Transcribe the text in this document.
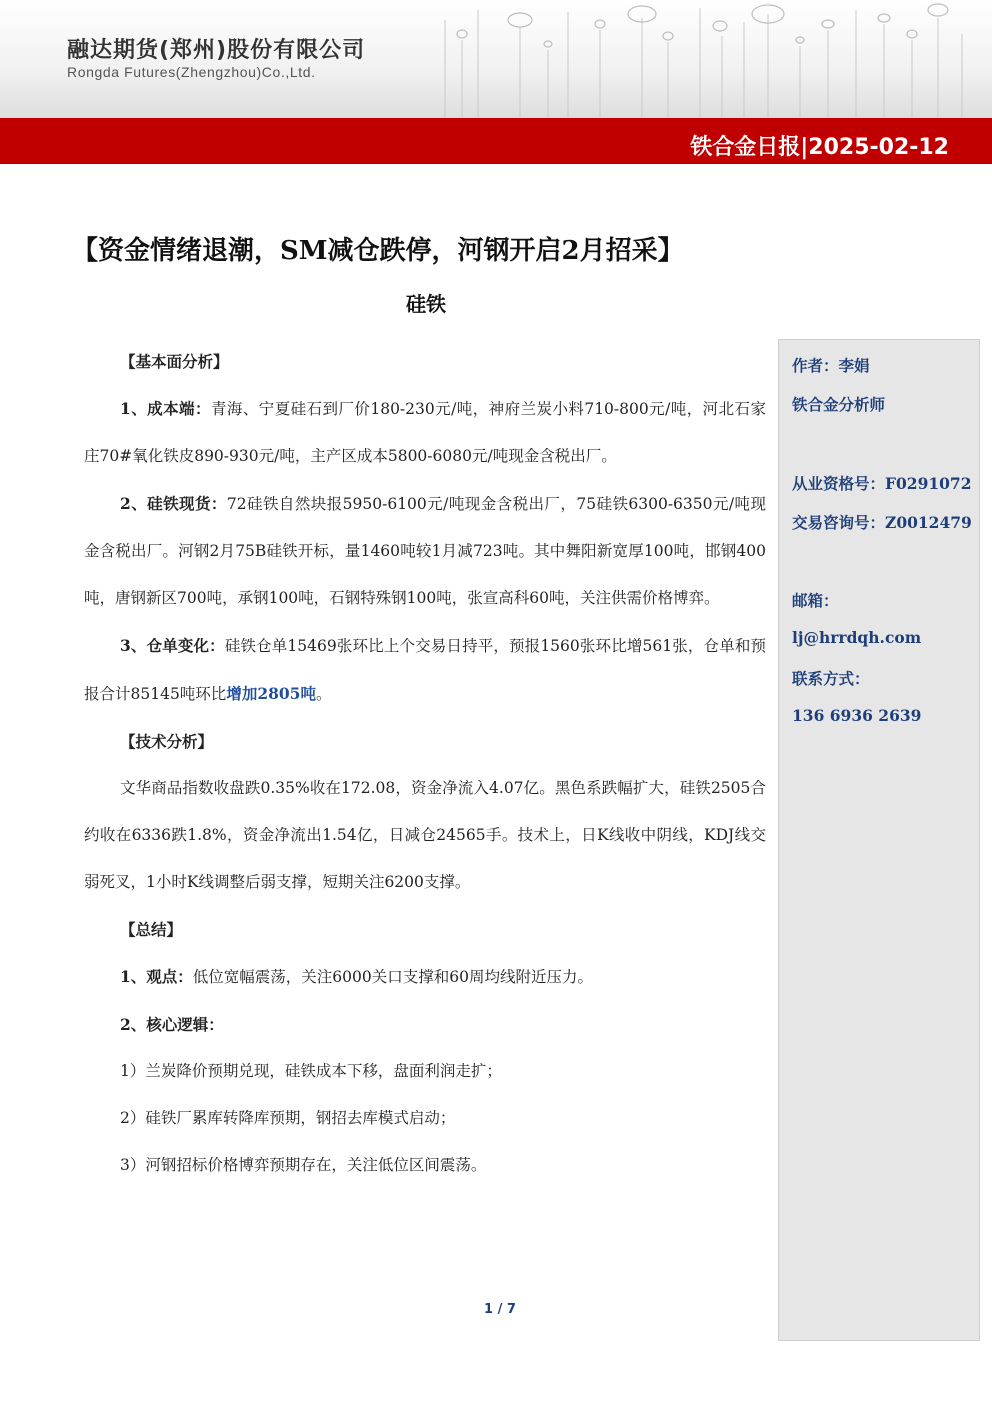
融达期货(郑州)股份有限公司
Rongda Futures(Zhengzhou)Co.,Ltd.
铁合金日报|2025-02-12
【资金情绪退潮，SM减仓跌停，河钢开启2月招采】
硅铁

【基本面分析】

1、成本端：青海、宁夏硅石到厂价180-230元/吨，神府兰炭小料710-800元/吨，河北石家庄70#氧化铁皮890-930元/吨，主产区成本5800-6080元/吨现金含税出厂。

2、硅铁现货：72硅铁自然块报5950-6100元/吨现金含税出厂，75硅铁6300-6350元/吨现金含税出厂。河钢2月75B硅铁开标，量1460吨较1月减723吨。其中舞阳新宽厚100吨，邯钢400吨，唐钢新区700吨，承钢100吨，石钢特殊钢100吨，张宣高科60吨，关注供需价格博弈。

3、仓单变化：硅铁仓单15469张环比上个交易日持平，预报1560张环比增561张，仓单和预报合计85145吨环比增加2805吨。

【技术分析】

文华商品指数收盘跌0.35%收在172.08，资金净流入4.07亿。黑色系跌幅扩大，硅铁2505合约收在6336跌1.8%，资金净流出1.54亿，日减仓24565手。技术上，日K线收中阴线，KDJ线交弱死叉，1小时K线调整后弱支撑，短期关注6200支撑。

【总结】

1、观点：低位宽幅震荡，关注6000关口支撑和60周均线附近压力。

2、核心逻辑：

1）兰炭降价预期兑现，硅铁成本下移，盘面利润走扩；

2）硅铁厂累库转降库预期，钢招去库模式启动；

3）河钢招标价格博弈预期存在，关注低位区间震荡。

作者：李娟
铁合金分析师
从业资格号：F0291072
交易咨询号：Z0012479
邮箱：
lj@hrrdqh.com
联系方式：
136 6936 2639
1 / 7
